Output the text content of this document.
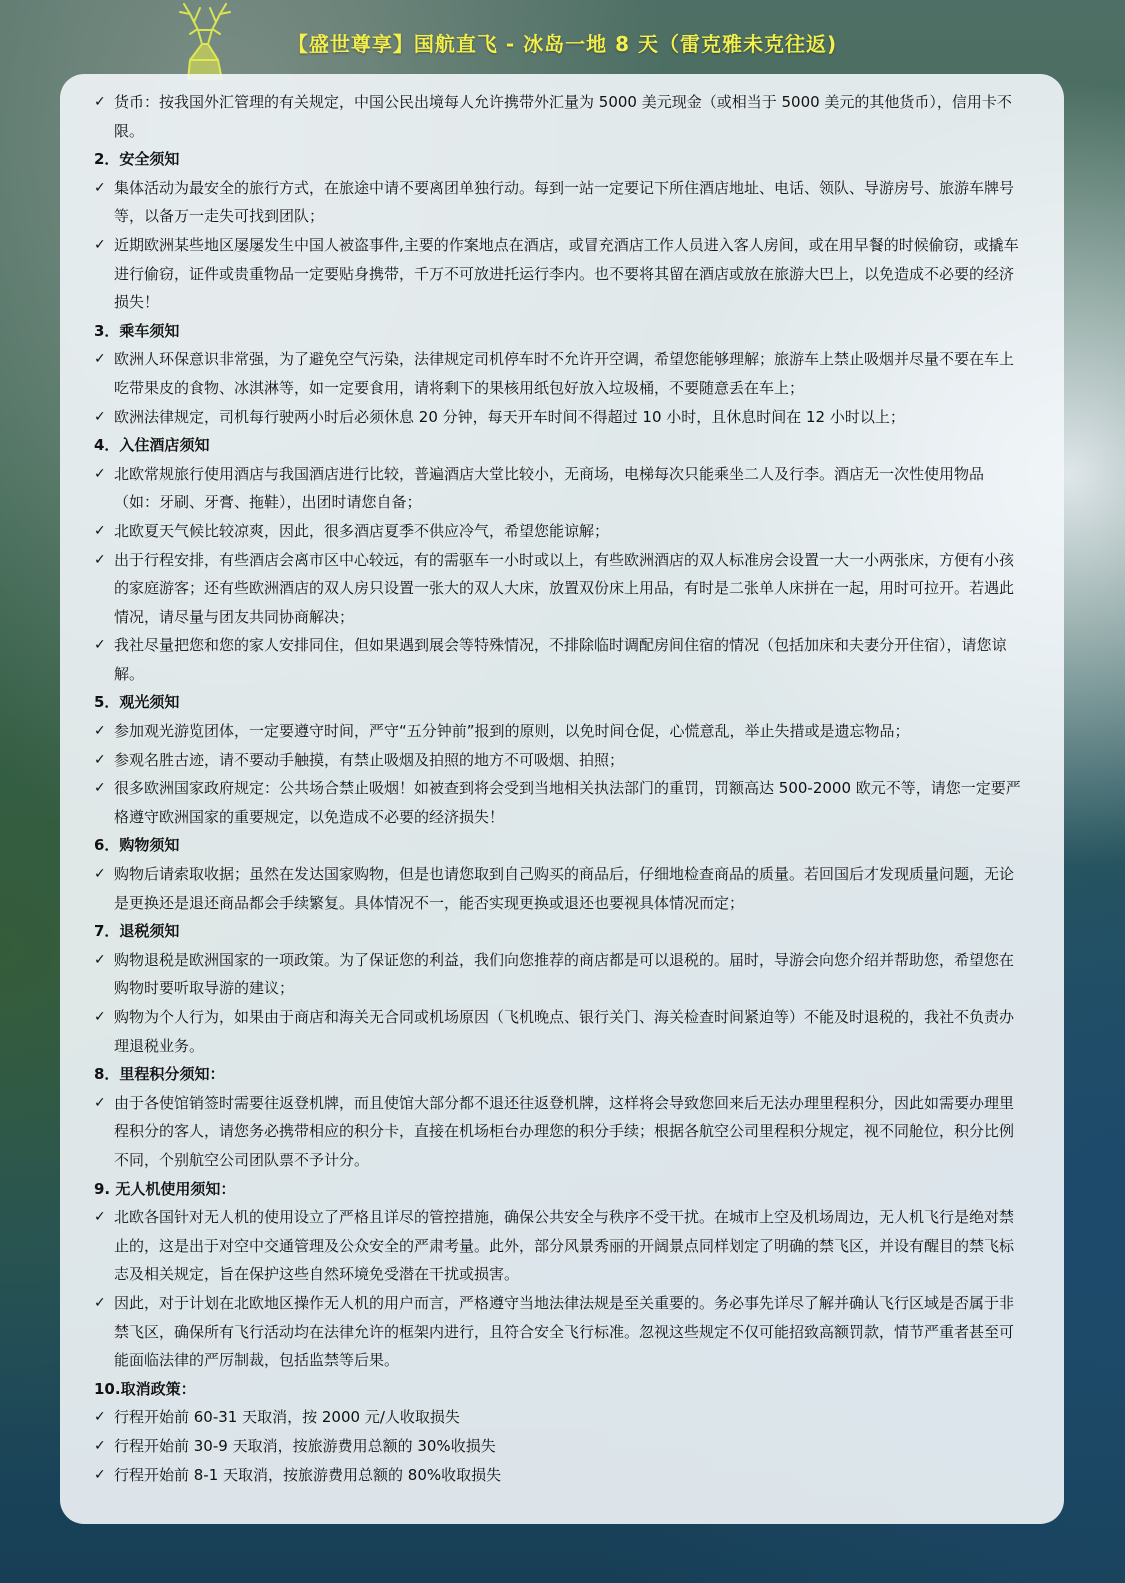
【盛世尊享】国航直飞 - 冰岛一地 8 天（雷克雅未克往返)
✓ 货币：按我国外汇管理的有关规定，中国公民出境每人允许携带外汇量为 5000 美元现金（或相当于 5000 美元的其他货币），信用卡不限。
2．安全须知
✓ 集体活动为最安全的旅行方式，在旅途中请不要离团单独行动。每到一站一定要记下所住酒店地址、电话、领队、导游房号、旅游车牌号等，以备万一走失可找到团队；
✓ 近期欧洲某些地区屡屡发生中国人被盗事件,主要的作案地点在酒店，或冒充酒店工作人员进入客人房间，或在用早餐的时候偷窃，或撬车进行偷窃，证件或贵重物品一定要贴身携带，千万不可放进托运行李内。也不要将其留在酒店或放在旅游大巴上，以免造成不必要的经济损失！
3．乘车须知
✓ 欧洲人环保意识非常强，为了避免空气污染，法律规定司机停车时不允许开空调，希望您能够理解；旅游车上禁止吸烟并尽量不要在车上吃带果皮的食物、冰淇淋等，如一定要食用，请将剩下的果核用纸包好放入垃圾桶，不要随意丢在车上；
✓ 欧洲法律规定，司机每行驶两小时后必须休息 20 分钟，每天开车时间不得超过 10 小时，且休息时间在 12 小时以上；
4．入住酒店须知
✓ 北欧常规旅行使用酒店与我国酒店进行比较，普遍酒店大堂比较小，无商场，电梯每次只能乘坐二人及行李。酒店无一次性使用物品（如：牙刷、牙膏、拖鞋），出团时请您自备；
✓ 北欧夏天气候比较凉爽，因此，很多酒店夏季不供应冷气，希望您能谅解；
✓ 出于行程安排，有些酒店会离市区中心较远，有的需驱车一小时或以上，有些欧洲酒店的双人标准房会设置一大一小两张床，方便有小孩的家庭游客；还有些欧洲酒店的双人房只设置一张大的双人大床，放置双份床上用品，有时是二张单人床拼在一起，用时可拉开。若遇此情况，请尽量与团友共同协商解决；
✓ 我社尽量把您和您的家人安排同住，但如果遇到展会等特殊情况，不排除临时调配房间住宿的情况（包括加床和夫妻分开住宿），请您谅解。
5．观光须知
✓ 参加观光游览团体，一定要遵守时间，严守“五分钟前”报到的原则，以免时间仓促，心慌意乱，举止失措或是遗忘物品；
✓ 参观名胜古迹，请不要动手触摸，有禁止吸烟及拍照的地方不可吸烟、拍照；
✓ 很多欧洲国家政府规定：公共场合禁止吸烟！如被查到将会受到当地相关执法部门的重罚，罚额高达 500-2000 欧元不等，请您一定要严格遵守欧洲国家的重要规定，以免造成不必要的经济损失！
6．购物须知
✓ 购物后请索取收据；虽然在发达国家购物，但是也请您取到自己购买的商品后，仔细地检查商品的质量。若回国后才发现质量问题，无论是更换还是退还商品都会手续繁复。具体情况不一，能否实现更换或退还也要视具体情况而定；
7．退税须知
✓ 购物退税是欧洲国家的一项政策。为了保证您的利益，我们向您推荐的商店都是可以退税的。届时，导游会向您介绍并帮助您，希望您在购物时要听取导游的建议；
✓ 购物为个人行为，如果由于商店和海关无合同或机场原因（飞机晚点、银行关门、海关检查时间紧迫等）不能及时退税的，我社不负责办理退税业务。
8．里程积分须知：
✓ 由于各使馆销签时需要往返登机牌，而且使馆大部分都不退还往返登机牌，这样将会导致您回来后无法办理里程积分，因此如需要办理里程积分的客人，请您务必携带相应的积分卡，直接在机场柜台办理您的积分手续；根据各航空公司里程积分规定，视不同舱位，积分比例不同，个别航空公司团队票不予计分。
9. 无人机使用须知：
✓ 北欧各国针对无人机的使用设立了严格且详尽的管控措施，确保公共安全与秩序不受干扰。在城市上空及机场周边，无人机飞行是绝对禁止的，这是出于对空中交通管理及公众安全的严肃考量。此外，部分风景秀丽的开阔景点同样划定了明确的禁飞区，并设有醒目的禁飞标志及相关规定，旨在保护这些自然环境免受潜在干扰或损害。
✓ 因此，对于计划在北欧地区操作无人机的用户而言，严格遵守当地法律法规是至关重要的。务必事先详尽了解并确认飞行区域是否属于非禁飞区，确保所有飞行活动均在法律允许的框架内进行，且符合安全飞行标准。忽视这些规定不仅可能招致高额罚款，情节严重者甚至可能面临法律的严厉制裁，包括监禁等后果。
10.取消政策：
✓ 行程开始前 60-31 天取消，按 2000 元/人收取损失
✓ 行程开始前 30-9 天取消，按旅游费用总额的 30%收损失
✓ 行程开始前 8-1 天取消，按旅游费用总额的 80%收取损失
